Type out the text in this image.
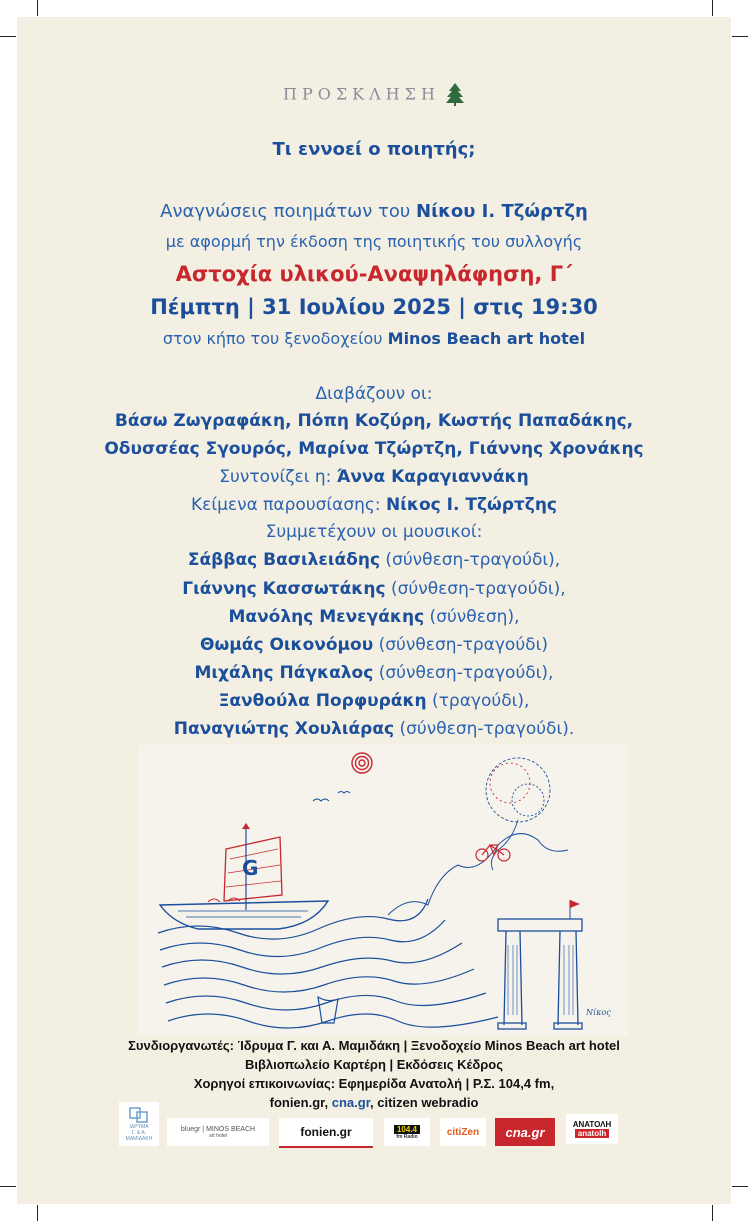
ΠΡΟΣΚΛΗΣΗ
Τι εννοεί ο ποιητής;
Αναγνώσεις ποιημάτων του Νίκου Ι. Τζώρτζη
με αφορμή την έκδοση της ποιητικής του συλλογής
Αστοχία υλικού-Αναψηλάφηση, Γ΄
Πέμπτη | 31 Ιουλίου 2025 | στις 19:30
στον κήπο του ξενοδοχείου Minos Beach art hotel
Διαβάζουν οι:
Βάσω Ζωγραφάκη, Πόπη Κοζύρη, Κωστής Παπαδάκης,
Οδυσσέας Σγουρός, Μαρίνα Τζώρτζη, Γιάννης Χρονάκης
Συντονίζει η: Άννα Καραγιαννάκη
Κείμενα παρουσίασης: Νίκος Ι. Τζώρτζης
Συμμετέχουν οι μουσικοί:
Σάββας Βασιλειάδης (σύνθεση-τραγούδι),
Γιάννης Κασσωτάκης (σύνθεση-τραγούδι),
Μανόλης Μενεγάκης (σύνθεση),
Θωμάς Οικονόμου (σύνθεση-τραγούδι)
Μιχάλης Πάγκαλος (σύνθεση-τραγούδι),
Ξανθούλα Πορφυράκη (τραγούδι),
Παναγιώτης Χουλιάρας (σύνθεση-τραγούδι).
G
Νίκος
Συνδιοργανωτές: Ίδρυμα Γ. και Α. Μαμιδάκη | Ξενοδοχείο Minos Beach art hotel
Βιβλιοπωλείο Καρτέρη | Εκδόσεις Κέδρος
Χορηγοί επικοινωνίας: Εφημερίδα Ανατολή | Ρ.Σ. 104,4 fm,
fonien.gr, cna.gr, citizen webradio
ΙΔΡΥΜΑ
Γ. & Α.
ΜΑΜΙΔΑΚΗ
bluegr | MINOS BEACH
art hotel	fonien.gr	104.4
fm Radio	citiZen cna.gr	ΑΝΑΤΟΛΗ
anatolh
